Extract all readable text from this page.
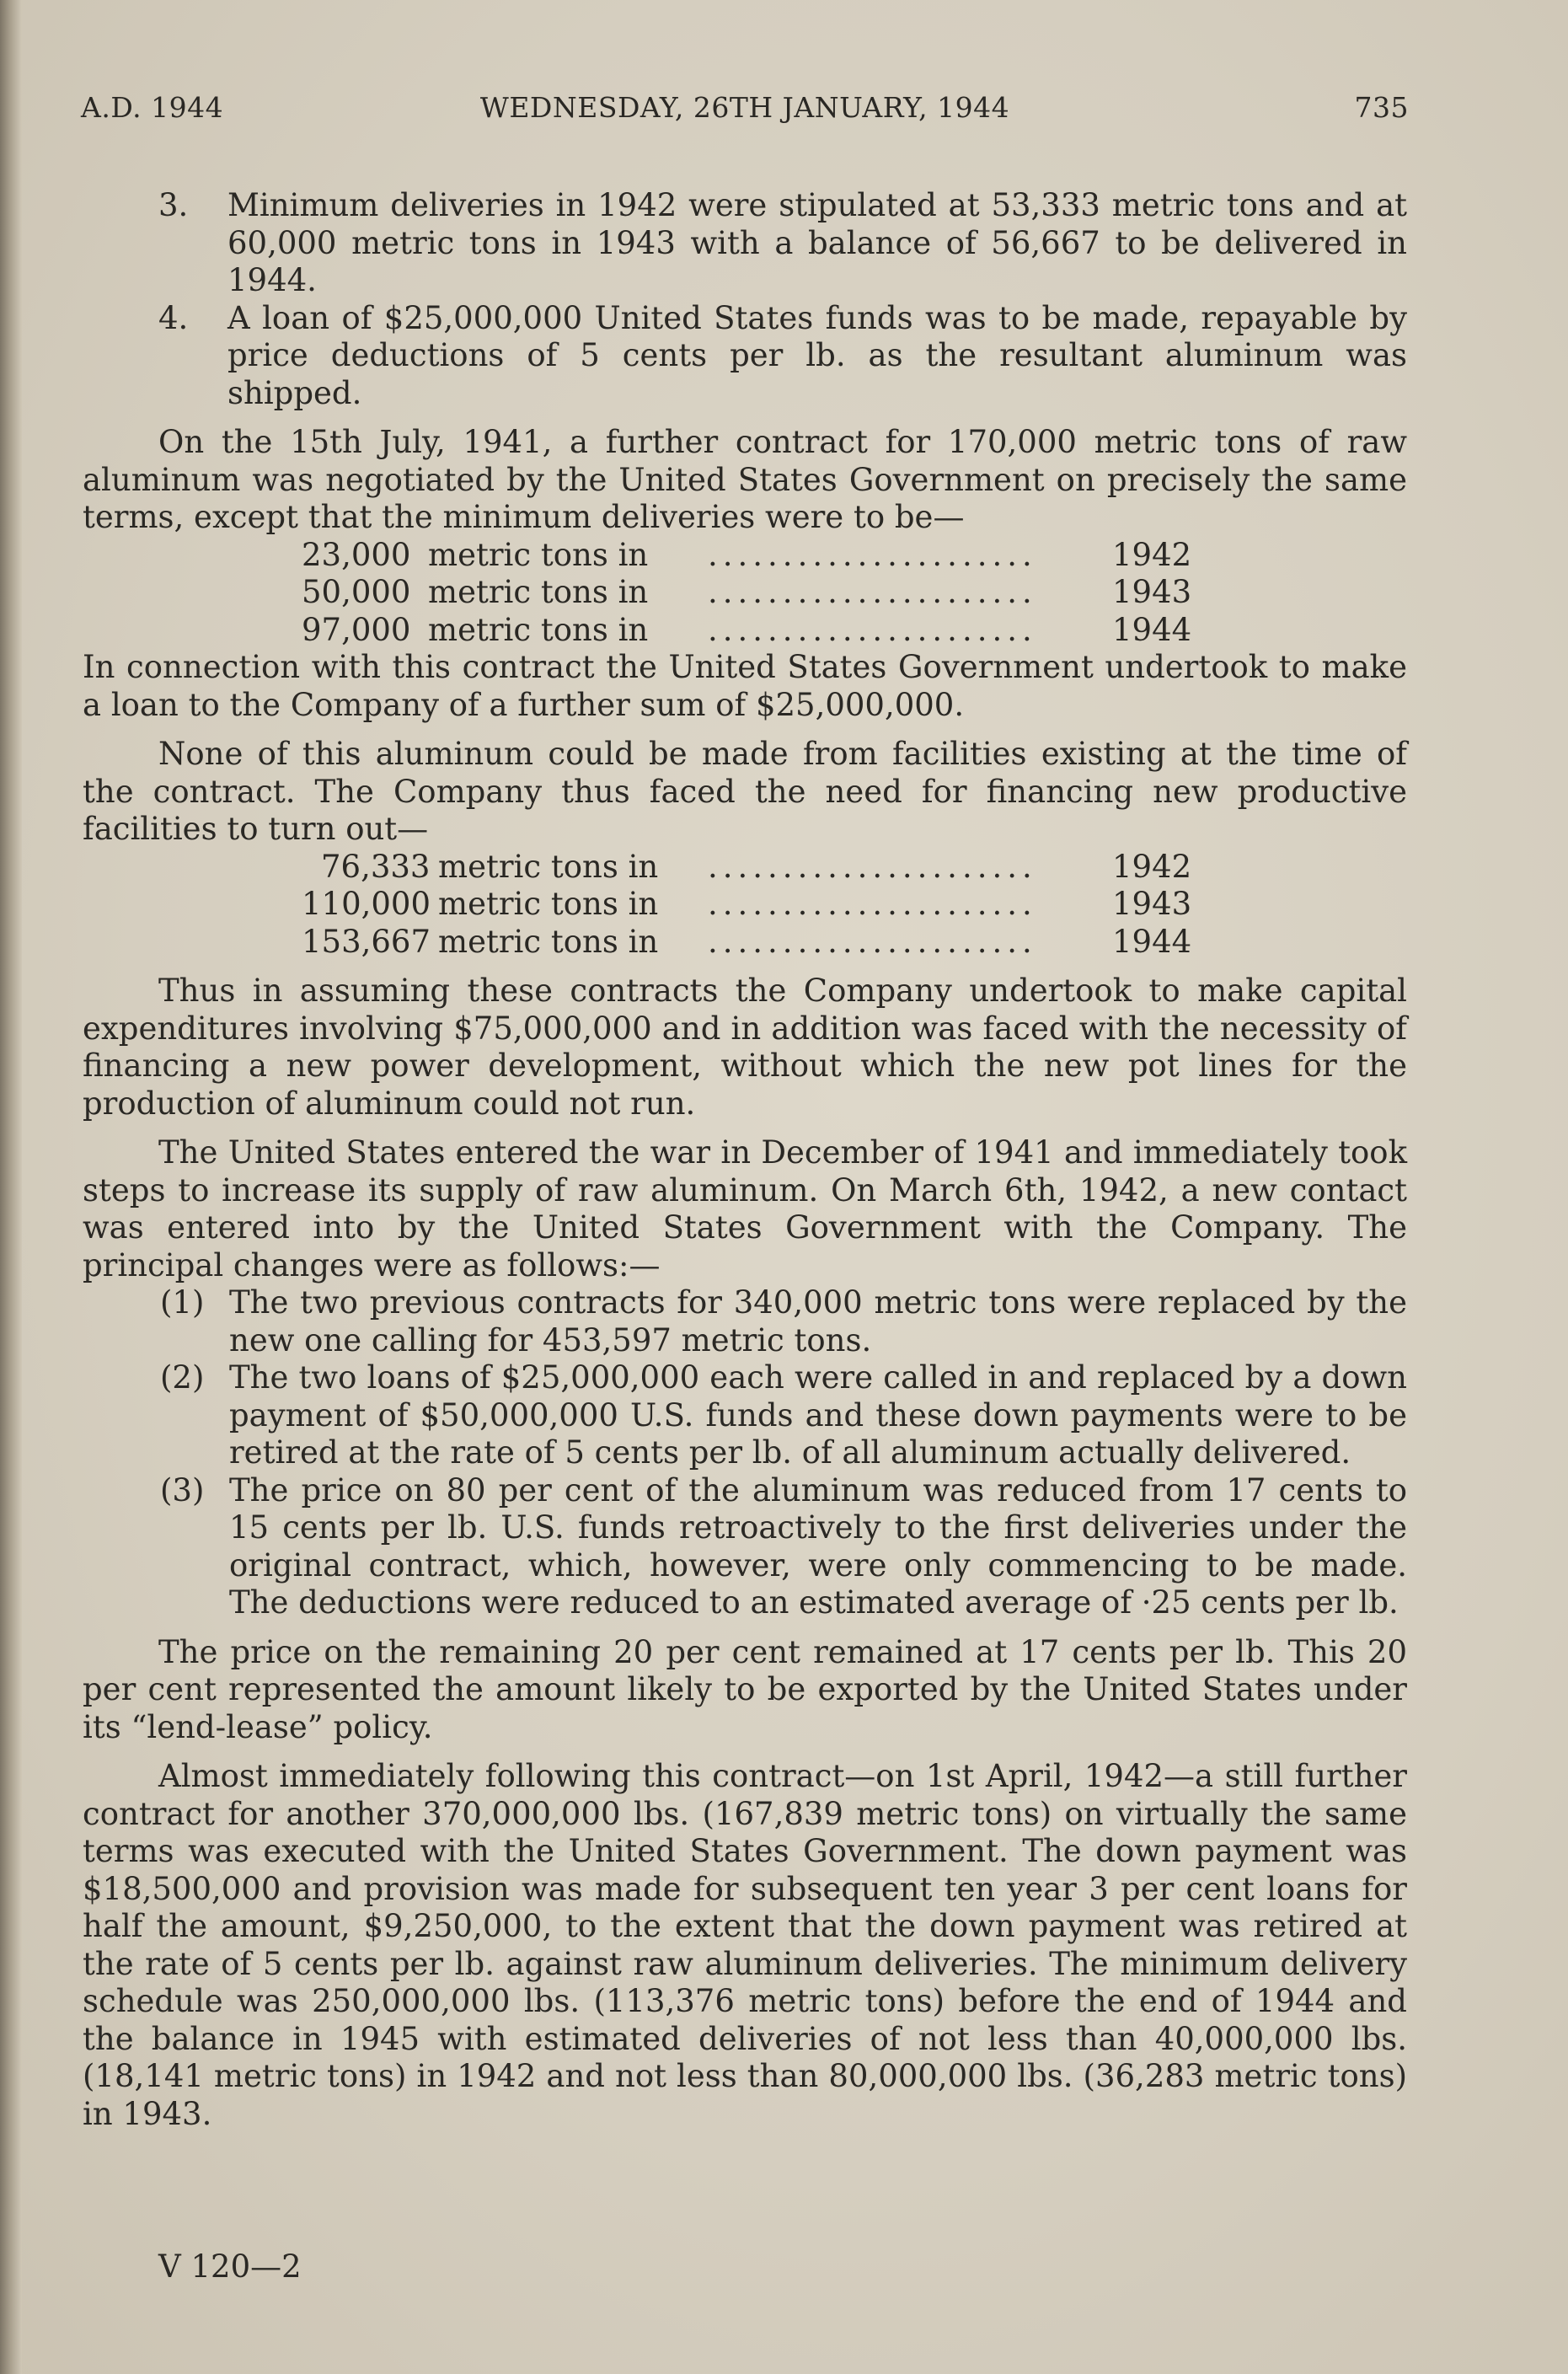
A.D. 1944	WEDNESDAY, 26TH JANUARY, 1944	735
3. Minimum deliveries in 1942 were stipulated at 53,333 metric tons and at 60,000 metric tons in 1943 with a balance of 56,667 to be delivered in 1944.
4. A loan of $25,000,000 United States funds was to be made, repayable by price deductions of 5 cents per lb. as the resultant aluminum was shipped.

On the 15th July, 1941, a further contract for 170,000 metric tons of raw aluminum was negotiated by the United States Government on precisely the same terms, except that the minimum deliveries were to be—

23,000 metric tons in ...................... 1942
50,000 metric tons in ...................... 1943
97,000 metric tons in ...................... 1944

In connection with this contract the United States Government undertook to make a loan to the Company of a further sum of $25,000,000.

None of this aluminum could be made from facilities existing at the time of the contract. The Company thus faced the need for financing new productive facilities to turn out—

76,333 metric tons in ...................... 1942
110,000 metric tons in ...................... 1943
153,667 metric tons in ...................... 1944

Thus in assuming these contracts the Company undertook to make capital expenditures involving $75,000,000 and in addition was faced with the necessity of financing a new power development, without which the new pot lines for the production of aluminum could not run.

The United States entered the war in December of 1941 and immediately took steps to increase its supply of raw aluminum. On March 6th, 1942, a new contact was entered into by the United States Government with the Company. The principal changes were as follows:—

(1) The two previous contracts for 340,000 metric tons were replaced by the new one calling for 453,597 metric tons.
(2) The two loans of $25,000,000 each were called in and replaced by a down payment of $50,000,000 U.S. funds and these down payments were to be retired at the rate of 5 cents per lb. of all aluminum actually delivered.
(3) The price on 80 per cent of the aluminum was reduced from 17 cents to 15 cents per lb. U.S. funds retroactively to the first deliveries under the original contract, which, however, were only commencing to be made. The deductions were reduced to an estimated average of ·25 cents per lb.

The price on the remaining 20 per cent remained at 17 cents per lb. This 20 per cent represented the amount likely to be exported by the United States under its “lend-lease” policy.

Almost immediately following this contract—on 1st April, 1942—a still further contract for another 370,000,000 lbs. (167,839 metric tons) on virtually the same terms was executed with the United States Government. The down payment was $18,500,000 and provision was made for subsequent ten year 3 per cent loans for half the amount, $9,250,000, to the extent that the down payment was retired at the rate of 5 cents per lb. against raw aluminum deliveries. The minimum delivery schedule was 250,000,000 lbs. (113,376 metric tons) before the end of 1944 and the balance in 1945 with estimated deliveries of not less than 40,000,000 lbs. (18,141 metric tons) in 1942 and not less than 80,000,000 lbs. (36,283 metric tons) in 1943.

V 120—2
